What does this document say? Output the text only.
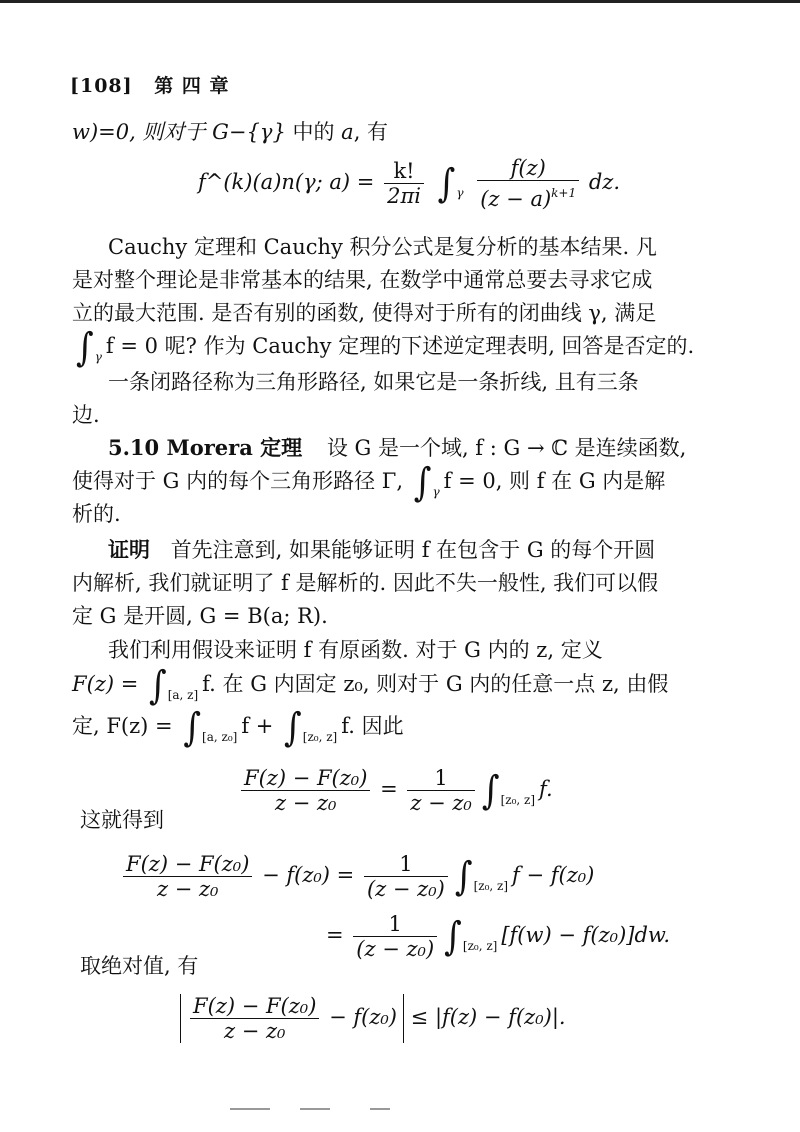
[108] 第 四 章
w)=0, 则对于 G−{γ} 中的 a, 有
f^(k)(a)n(γ; $a) = \frac{k!}{2\pi i} \int_\gamma \frac{f(z)}{(z - a)^{k+1}}$ dz.
Cauchy 定理和 Cauchy 积分公式是复分析的基本结果. 凡
是对整个理论是非常基本的结果, 在数学中通常总要去寻求它成
立的最大范围. 是否有别的函数, 使得对于所有的闭曲线 γ, 满足
$\int_\gamma$ f = 0 呢? 作为 Cauchy 定理的下述逆定理表明, 回答是否定的.
一条闭路径称为三角形路径, 如果它是一条折线, 且有三条
边.
5.10 Morera 定理 设 G 是一个域, f : G → ℂ 是连续函数,
使得对于 G 内的每个三角形路径 Γ, $\int_\gamma$ f = 0, 则 f 在 G 内是解
析的.
证明 首先注意到, 如果能够证明 f 在包含于 G 的每个开圆
内解析, 我们就证明了 f 是解析的. 因此不失一般性, 我们可以假
定 G 是开圆, G = B(a; R).
我们利用假设来证明 f 有原函数. 对于 G 内的 z, 定义
$F(z) = \int_{[a, z]}$ f. 在 G 内固定 z₀, 则对于 G 内的任意一点 z, 由假
定, $F(z) = \int_{[a, z_0]}$ $f + \int_{[z_0, z]}$ f. 因此
$\frac{\text{F(z) − F(z₀)}}{\text{z − z₀}} = \frac{1}{\text{z − z₀}} \int_{[z_0, z]}$ f.
这就得到
$\frac{\text{F(z) − F(z₀)}}{\text{z − z₀}} - f(z_0) = \frac{1}{\text{(z − z₀)}} \int_{[z_0, z]}$ f − f(z₀)
= $\frac{1}{\text{(z − z₀)}} \int_{[z_0, z]}$ [f(w) − f(z₀)]dw.
取绝对值, 有
$\frac{\text{F(z) − F(z₀)}}{\text{z − z₀}} - f(z_0) \le |f(z) - f(z_0)|$.
